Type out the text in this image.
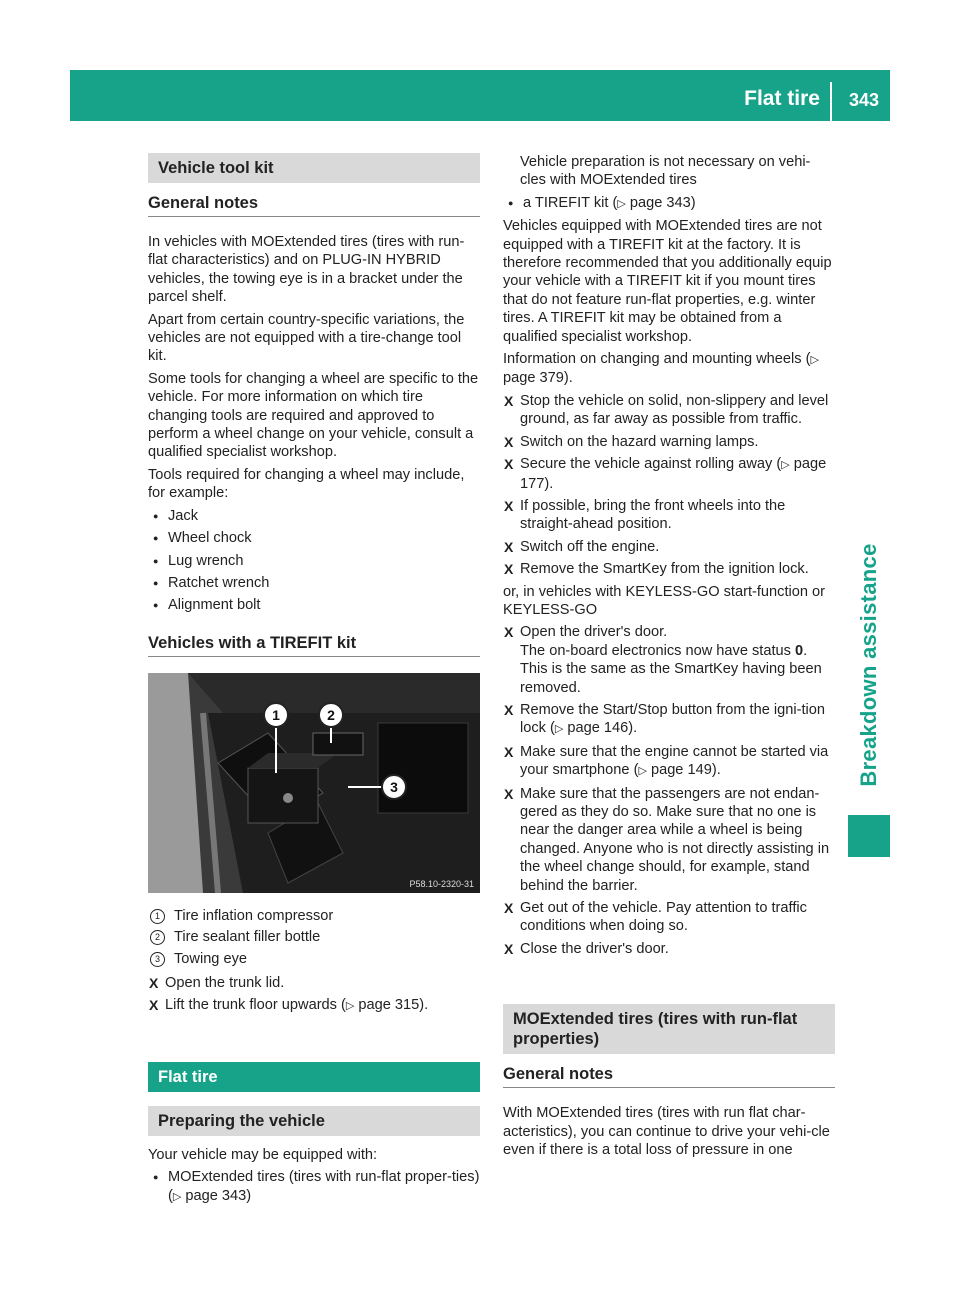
Flat tire	343
Breakdown assistance
Vehicle tool kit
General notes

In vehicles with MOExtended tires (tires with run-flat characteristics) and on PLUG-IN HYBRID vehicles, the towing eye is in a bracket under the parcel shelf.

Apart from certain country-specific variations, the vehicles are not equipped with a tire-change tool kit.

Some tools for changing a wheel are specific to the vehicle. For more information on which tire changing tools are required and approved to perform a wheel change on your vehicle, consult a qualified specialist workshop.

Tools required for changing a wheel may include, for example:

● Jack
● Wheel chock
● Lug wrench
● Ratchet wrench
● Alignment bolt
Vehicles with a TIREFIT kit
1	2
3
P58.10-2320-31
1 Tire inflation compressor
2 Tire sealant filler bottle
3 Towing eye
X Open the trunk lid.
X Lift the trunk floor upwards (▷ page 315).
Flat tire
Preparing the vehicle

Your vehicle may be equipped with:

● MOExtended tires (tires with run-flat proper-ties) (▷ page 343)

Vehicle preparation is not necessary on vehi-cles with MOExtended tires

● a TIREFIT kit (▷ page 343)

Vehicles equipped with MOExtended tires are not equipped with a TIREFIT kit at the factory. It is therefore recommended that you additionally equip your vehicle with a TIREFIT kit if you mount tires that do not feature run-flat properties, e.g. winter tires. A TIREFIT kit may be obtained from a qualified specialist workshop.

Information on changing and mounting wheels (▷ page 379).

X Stop the vehicle on solid, non-slippery and level ground, as far away as possible from traffic.
X Switch on the hazard warning lamps.
X Secure the vehicle against rolling away (▷ page 177).
X If possible, bring the front wheels into the straight-ahead position.
X Switch off the engine.
X Remove the SmartKey from the ignition lock.

or, in vehicles with KEYLESS-GO start-function or KEYLESS-GO

X Open the driver's door.
The on-board electronics now have status 0. This is the same as the SmartKey having been removed.
X Remove the Start/Stop button from the igni-tion lock (▷ page 146).
X Make sure that the engine cannot be started via your smartphone (▷ page 149).
X Make sure that the passengers are not endan-gered as they do so. Make sure that no one is near the danger area while a wheel is being changed. Anyone who is not directly assisting in the wheel change should, for example, stand behind the barrier.
X Get out of the vehicle. Pay attention to traffic conditions when doing so.
X Close the driver's door.
MOExtended tires (tires with run-flat properties)
General notes

With MOExtended tires (tires with run flat char-acteristics), you can continue to drive your vehi-cle even if there is a total loss of pressure in one
